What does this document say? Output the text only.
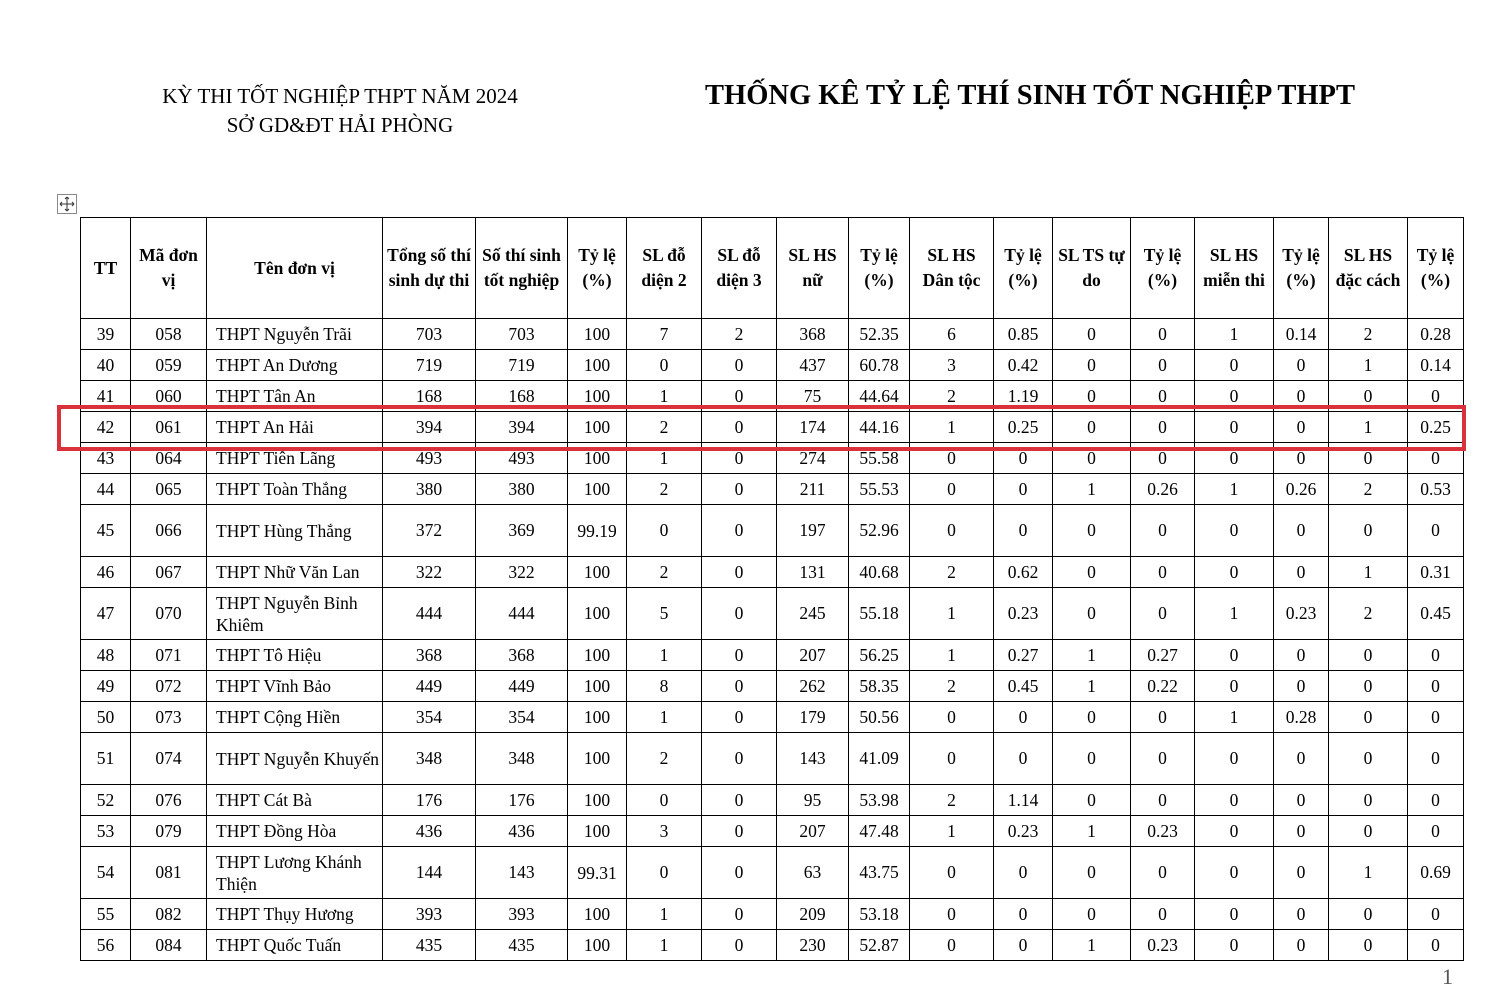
KỲ THI TỐT NGHIỆP THPT NĂM 2024
SỞ GD&ĐT HẢI PHÒNG
THỐNG KÊ TỶ LỆ THÍ SINH TỐT NGHIỆP THPT
TT	Mã đơn vị	Tên đơn vị	Tổng số thí sinh dự thi	Số thí sinh tốt nghiệp	Tỷ lệ (%)	SL đỗ diện 2	SL đỗ diện 3	SL HS nữ	Tỷ lệ (%)	SL HS Dân tộc	Tỷ lệ (%)	SL TS tự do	Tỷ lệ (%)	SL HS miễn thi	Tỷ lệ (%)	SL HS đặc cách	Tỷ lệ (%)
39	058	THPT Nguyễn Trãi	703	703	100	7	2	368	52.35	6	0.85	0	0	1	0.14	2	0.28
40	059	THPT An Dương	719	719	100	0	0	437	60.78	3	0.42	0	0	0	0	1	0.14
41	060	THPT Tân An	168	168	100	1	0	75	44.64	2	1.19	0	0	0	0	0	0
42	061	THPT An Hải	394	394	100	2	0	174	44.16	1	0.25	0	0	0	0	1	0.25
43	064	THPT Tiên Lãng	493	493	100	1	0	274	55.58	0	0	0	0	0	0	0	0
44	065	THPT Toàn Thắng	380	380	100	2	0	211	55.53	0	0	1	0.26	1	0.26	2	0.53
45	066	THPT Hùng Thắng	372	369	99.19	0	0	197	52.96	0	0	0	0	0	0	0	0
46	067	THPT Nhữ Văn Lan	322	322	100	2	0	131	40.68	2	0.62	0	0	0	0	1	0.31
47	070	THPT Nguyễn Bỉnh Khiêm	444	444	100	5	0	245	55.18	1	0.23	0	0	1	0.23	2	0.45
48	071	THPT Tô Hiệu	368	368	100	1	0	207	56.25	1	0.27	1	0.27	0	0	0	0
49	072	THPT Vĩnh Bảo	449	449	100	8	0	262	58.35	2	0.45	1	0.22	0	0	0	0
50	073	THPT Cộng Hiền	354	354	100	1	0	179	50.56	0	0	0	0	1	0.28	0	0
51	074	THPT Nguyễn Khuyến	348	348	100	2	0	143	41.09	0	0	0	0	0	0	0	0
52	076	THPT Cát Bà	176	176	100	0	0	95	53.98	2	1.14	0	0	0	0	0	0
53	079	THPT Đồng Hòa	436	436	100	3	0	207	47.48	1	0.23	1	0.23	0	0	0	0
54	081	THPT Lương Khánh Thiện	144	143	99.31	0	0	63	43.75	0	0	0	0	0	0	1	0.69
55	082	THPT Thụy Hương	393	393	100	1	0	209	53.18	0	0	0	0	0	0	0	0
56	084	THPT Quốc Tuấn	435	435	100	1	0	230	52.87	0	0	1	0.23	0	0	0	0
1
